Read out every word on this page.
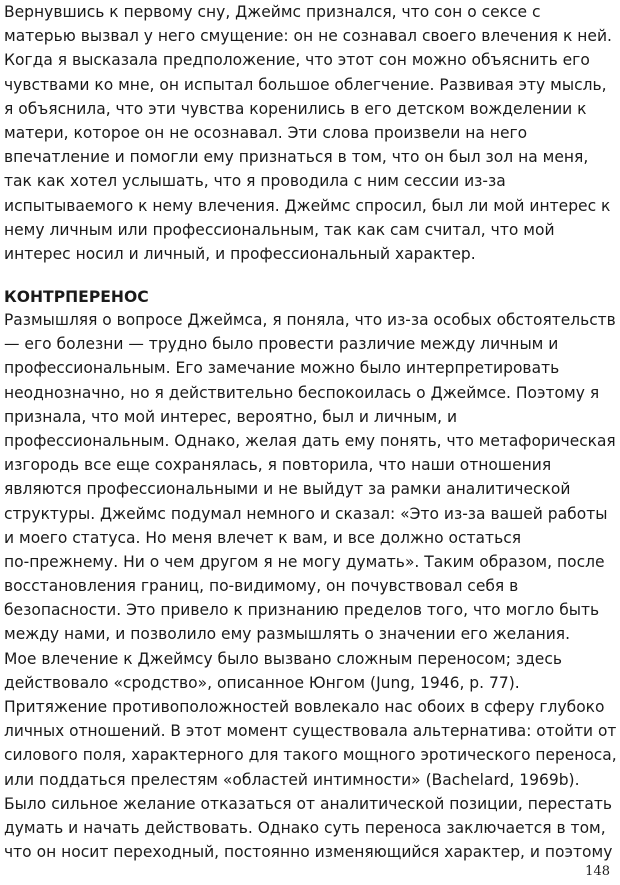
Вернувшись к первому сну, Джеймс признался, что сон о сексе с
матерью вызвал у него смущение: он не сознавал своего влечения к ней.
Когда я высказала предположение, что этот сон можно объяснить его
чувствами ко мне, он испытал большое облегчение. Развивая эту мысль,
я объяснила, что эти чувства коренились в его детском вожделении к
матери, которое он не осознавал. Эти слова произвели на него
впечатление и помогли ему признаться в том, что он был зол на меня,
так как хотел услышать, что я проводила с ним сессии из-за
испытываемого к нему влечения. Джеймс спросил, был ли мой интерес к
нему личным или профессиональным, так как сам считал, что мой
интерес носил и личный, и профессиональный характер.
КОНТРПЕРЕНОС
Размышляя о вопросе Джеймса, я поняла, что из-за особых обстоятельств
— его болезни — трудно было провести различие между личным и
профессиональным. Его замечание можно было интерпретировать
неоднозначно, но я действительно беспокоилась о Джеймсе. Поэтому я
признала, что мой интерес, вероятно, был и личным, и
профессиональным. Однако, желая дать ему понять, что метафорическая
изгородь все еще сохранялась, я повторила, что наши отношения
являются профессиональными и не выйдут за рамки аналитической
структуры. Джеймс подумал немного и сказал: «Это из-за вашей работы
и моего статуса. Но меня влечет к вам, и все должно остаться
по-прежнему. Ни о чем другом я не могу думать». Таким образом, после
восстановления границ, по-видимому, он почувствовал себя в
безопасности. Это привело к признанию пределов того, что могло быть
между нами, и позволило ему размышлять о значении его желания.
Мое влечение к Джеймсу было вызвано сложным переносом; здесь
действовало «сродство», описанное Юнгом (Jung, 1946, p. 77).
Притяжение противоположностей вовлекало нас обоих в сферу глубоко
личных отношений. В этот момент существовала альтернатива: отойти от
силового поля, характерного для такого мощного эротического переноса,
или поддаться прелестям «областей интимности» (Bachelard, 1969b).
Было сильное желание отказаться от аналитической позиции, перестать
думать и начать действовать. Однако суть переноса заключается в том,
что он носит переходный, постоянно изменяющийся характер, и поэтому
148
